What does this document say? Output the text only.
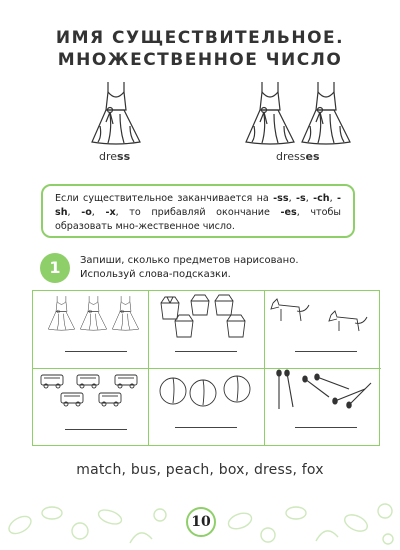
ИМЯ СУЩЕСТВИТЕЛЬНОЕ.
МНОЖЕСТВЕННОЕ ЧИСЛО
dress	dresses
Если существительное заканчивается на -ss, -s, -ch, -sh, -o, -x, то прибавляй окончание -es, чтобы образовать мно-жественное число.
1	Запиши, сколько предметов нарисовано.
Используй слова-подсказки.
match, bus, peach, box, dress, fox
10
